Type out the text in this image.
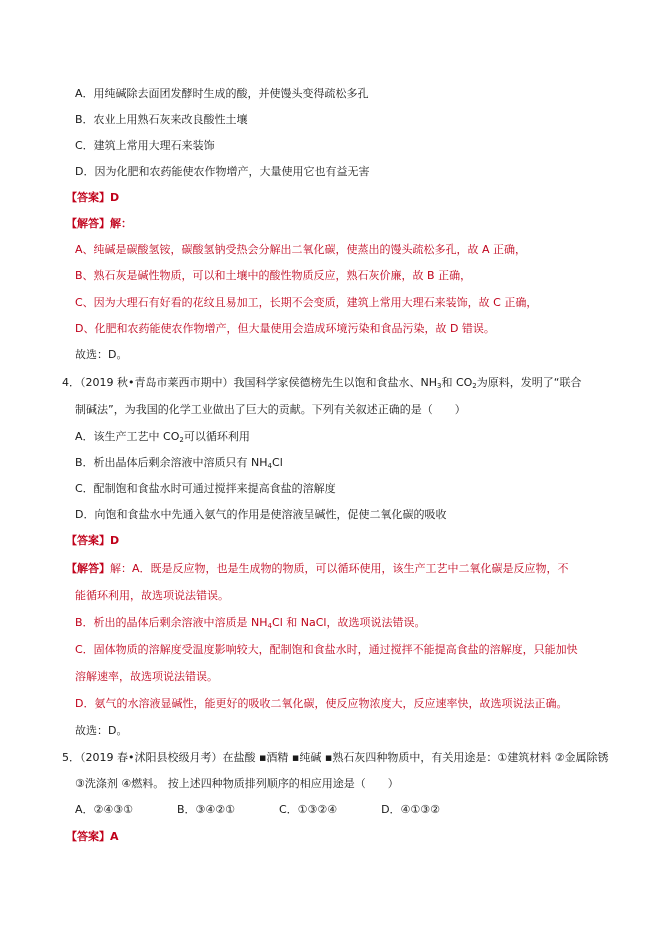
A．用纯碱除去面团发酵时生成的酸，并使馒头变得疏松多孔
B．农业上用熟石灰来改良酸性土壤
C．建筑上常用大理石来装饰
D．因为化肥和农药能使农作物增产，大量使用它也有益无害
【答案】D
【解答】解：
A、纯碱是碳酸氢铵，碳酸氢钠受热会分解出二氧化碳，使蒸出的馒头疏松多孔，故 A 正确，
B、熟石灰是碱性物质，可以和土壤中的酸性物质反应，熟石灰价廉，故 B 正确，
C、因为大理石有好看的花纹且易加工，长期不会变质，建筑上常用大理石来装饰，故 C 正确，
D、化肥和农药能使农作物增产，但大量使用会造成环境污染和食品污染，故 D 错误。
故选：D。
4．（2019 秋•青岛市莱西市期中）我国科学家侯德榜先生以饱和食盐水、$NH_3$和 $CO_2$为原料，发明了“联合
制碱法”，为我国的化学工业做出了巨大的贡献。下列有关叙述正确的是（　　）
A．该生产工艺中 $CO_2$可以循环利用
B．析出晶体后剩余溶液中溶质只有 $NH_4Cl$
C．配制饱和食盐水时可通过搅拌来提高食盐的溶解度
D．向饱和食盐水中先通入氨气的作用是使溶液呈碱性，促使二氧化碳的吸收
【答案】D
【解答】解：A．既是反应物，也是生成物的物质，可以循环使用，该生产工艺中二氧化碳是反应物，不
能循环利用，故选项说法错误。
B．析出的晶体后剩余溶液中溶质是 $NH_4Cl$ 和 NaCl，故选项说法错误。
C．固体物质的溶解度受温度影响较大，配制饱和食盐水时，通过搅拌不能提高食盐的溶解度，只能加快
溶解速率，故选项说法错误。
D．氨气的水溶液显碱性，能更好的吸收二氧化碳，使反应物浓度大，反应速率快，故选项说法正确。
故选：D。
5．（2019 春•沭阳县校级月考）在盐酸 ▪酒精 ▪纯碱 ▪熟石灰四种物质中，有关用途是：①建筑材料 ②金属除锈
③洗涤剂 ④燃料。 按上述四种物质排列顺序的相应用途是（　　）
A．②④③①　　　　B．③④②①　　　　C．①③②④　　　　D．④①③②
【答案】A
